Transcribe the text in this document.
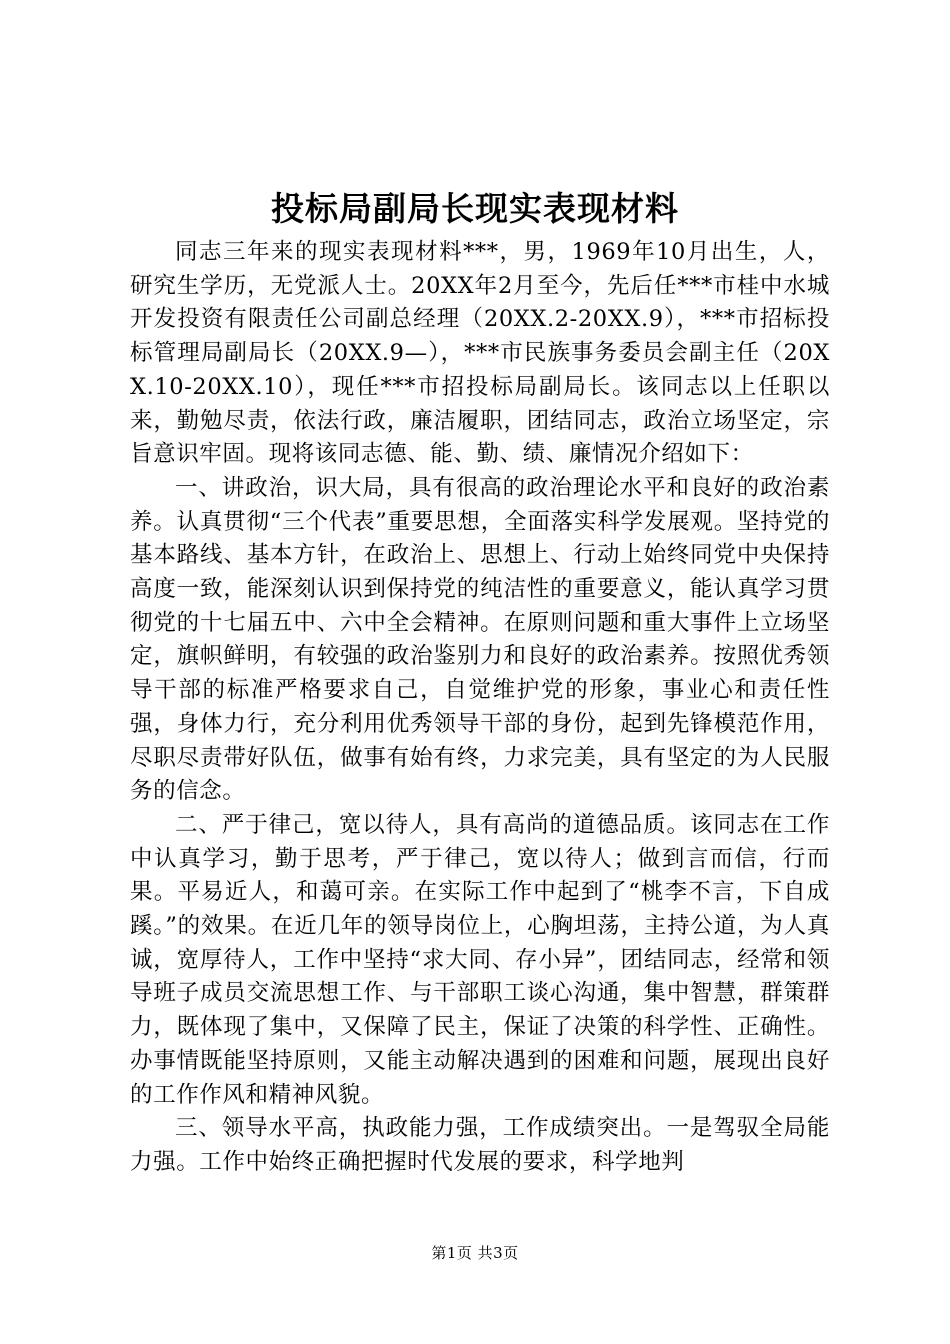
投标局副局长现实表现材料

同志三年来的现实表现材料***，男，1969年10月出生，人，研究生学历，无党派人士。20XX年2月至今，先后任***市桂中水城开发投资有限责任公司副总经理（20XX.2-20XX.9），***市招标投标管理局副局长（20XX.9—），***市民族事务委员会副主任（20XX.10-20XX.10），现任***市招投标局副局长。该同志以上任职以来，勤勉尽责，依法行政，廉洁履职，团结同志，政治立场坚定，宗旨意识牢固。现将该同志德、能、勤、绩、廉情况介绍如下：

一、讲政治，识大局，具有很高的政治理论水平和良好的政治素养。认真贯彻“三个代表”重要思想，全面落实科学发展观。坚持党的基本路线、基本方针，在政治上、思想上、行动上始终同党中央保持高度一致，能深刻认识到保持党的纯洁性的重要意义，能认真学习贯彻党的十七届五中、六中全会精神。在原则问题和重大事件上立场坚定，旗帜鲜明，有较强的政治鉴别力和良好的政治素养。按照优秀领导干部的标准严格要求自己，自觉维护党的形象，事业心和责任性强，身体力行，充分利用优秀领导干部的身份，起到先锋模范作用，尽职尽责带好队伍，做事有始有终，力求完美，具有坚定的为人民服务的信念。

二、严于律己，宽以待人，具有高尚的道德品质。该同志在工作中认真学习，勤于思考，严于律己，宽以待人；做到言而信，行而果。平易近人，和蔼可亲。在实际工作中起到了“桃李不言，下自成蹊。”的效果。在近几年的领导岗位上，心胸坦荡，主持公道，为人真诚，宽厚待人，工作中坚持“求大同、存小异”，团结同志，经常和领导班子成员交流思想工作、与干部职工谈心沟通，集中智慧，群策群力，既体现了集中，又保障了民主，保证了决策的科学性、正确性。办事情既能坚持原则，又能主动解决遇到的困难和问题，展现出良好的工作作风和精神风貌。

三、领导水平高，执政能力强，工作成绩突出。一是驾驭全局能力强。工作中始终正确把握时代发展的要求，科学地判

第1页 共3页
